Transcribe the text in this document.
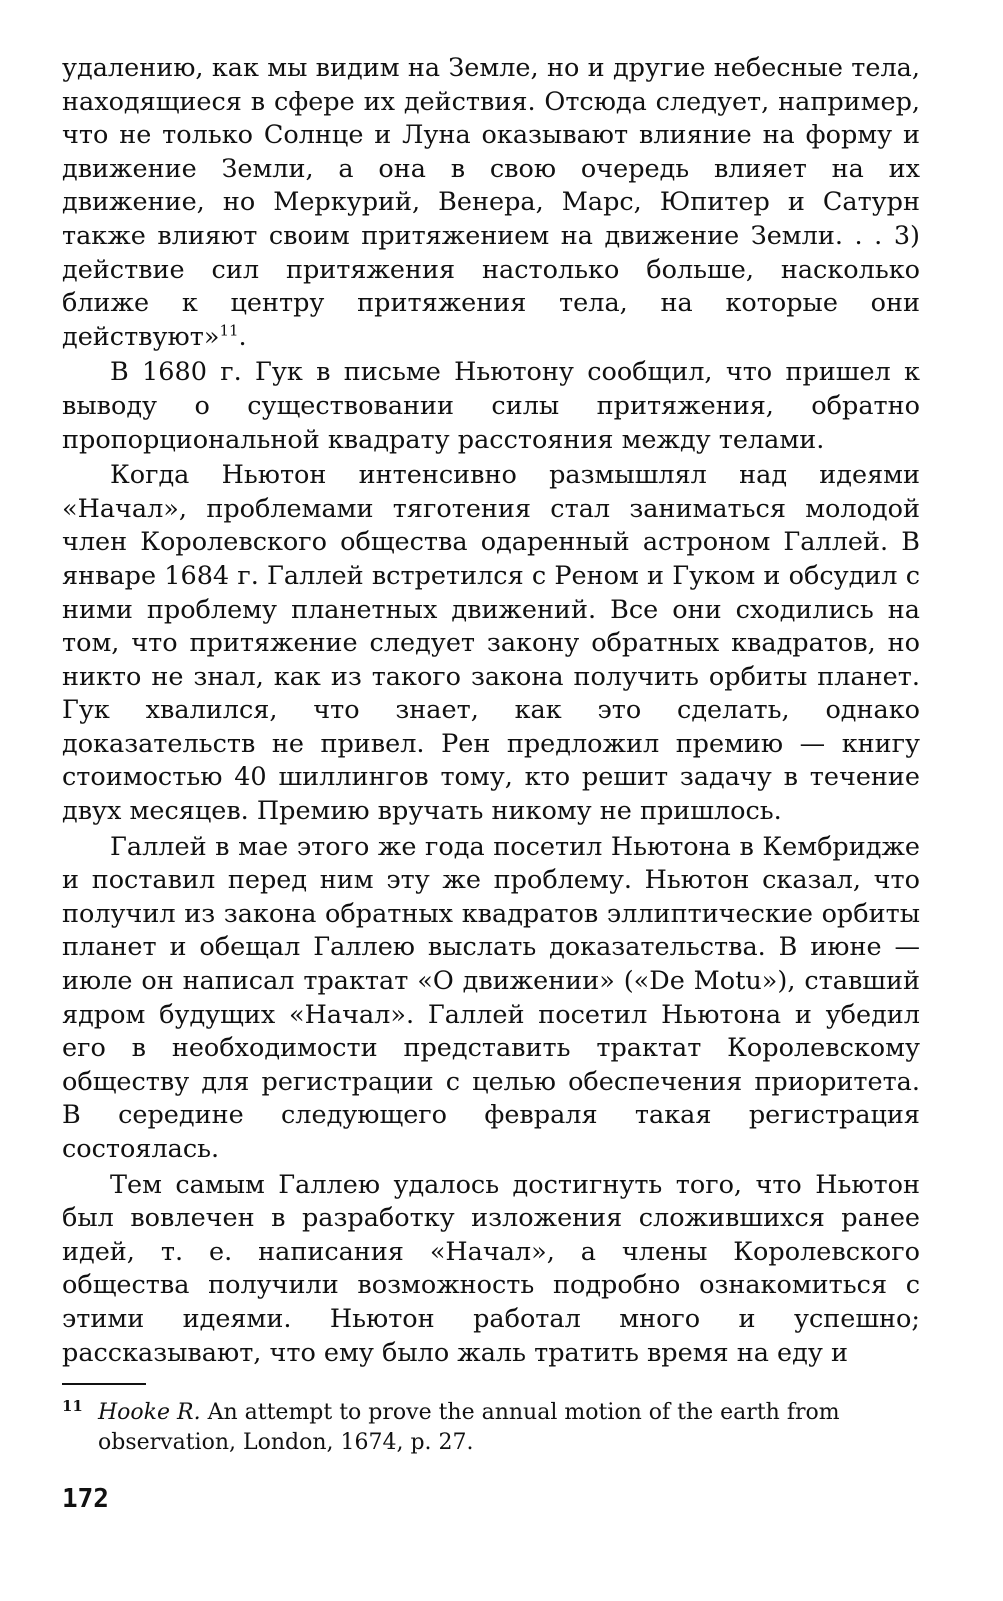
удалению, как мы видим на Земле, но и другие небесные тела, находящиеся в сфере их действия. Отсюда следует, например, что не только Солнце и Луна оказывают влияние на форму и движение Земли, а она в свою очередь влияет на их движение, но Меркурий, Венера, Марс, Юпитер и Сатурн также влияют своим притяжением на движение Земли. . . 3) действие сил притяжения настолько больше, насколько ближе к центру притяжения тела, на которые они действуют»$^{11}$.

В 1680 г. Гук в письме Ньютону сообщил, что пришел к выводу о существовании силы притяжения, обратно пропорциональной квадрату расстояния между телами.

Когда Ньютон интенсивно размышлял над идеями «Начал», проблемами тяготения стал заниматься молодой член Королевского общества одаренный астроном Галлей. В январе 1684 г. Галлей встретился с Реном и Гуком и обсудил с ними проблему планетных движений. Все они сходились на том, что притяжение следует закону обратных квадратов, но никто не знал, как из такого закона получить орбиты планет. Гук хвалился, что знает, как это сделать, однако доказательств не привел. Рен предложил премию — книгу стоимостью 40 шиллингов тому, кто решит задачу в течение двух месяцев. Премию вручать никому не пришлось.

Галлей в мае этого же года посетил Ньютона в Кембридже и поставил перед ним эту же проблему. Ньютон сказал, что получил из закона обратных квадратов эллиптические орбиты планет и обещал Галлею выслать доказательства. В июне — июле он написал трактат «О движении» («De Motu»), ставший ядром будущих «Начал». Галлей посетил Ньютона и убедил его в необходимости представить трактат Королевскому обществу для регистрации с целью обеспечения приоритета. В середине следующего февраля такая регистрация состоялась.

Тем самым Галлею удалось достигнуть того, что Ньютон был вовлечен в разработку изложения сложившихся ранее идей, т. е. написания «Начал», а члены Королевского общества получили возможность подробно ознакомиться с этими идеями. Ньютон работал много и успешно; рассказывают, что ему было жаль тратить время на еду и

11 Hooke R. An attempt to prove the annual motion of the earth from
observation, London, 1674, p. 27.
172
